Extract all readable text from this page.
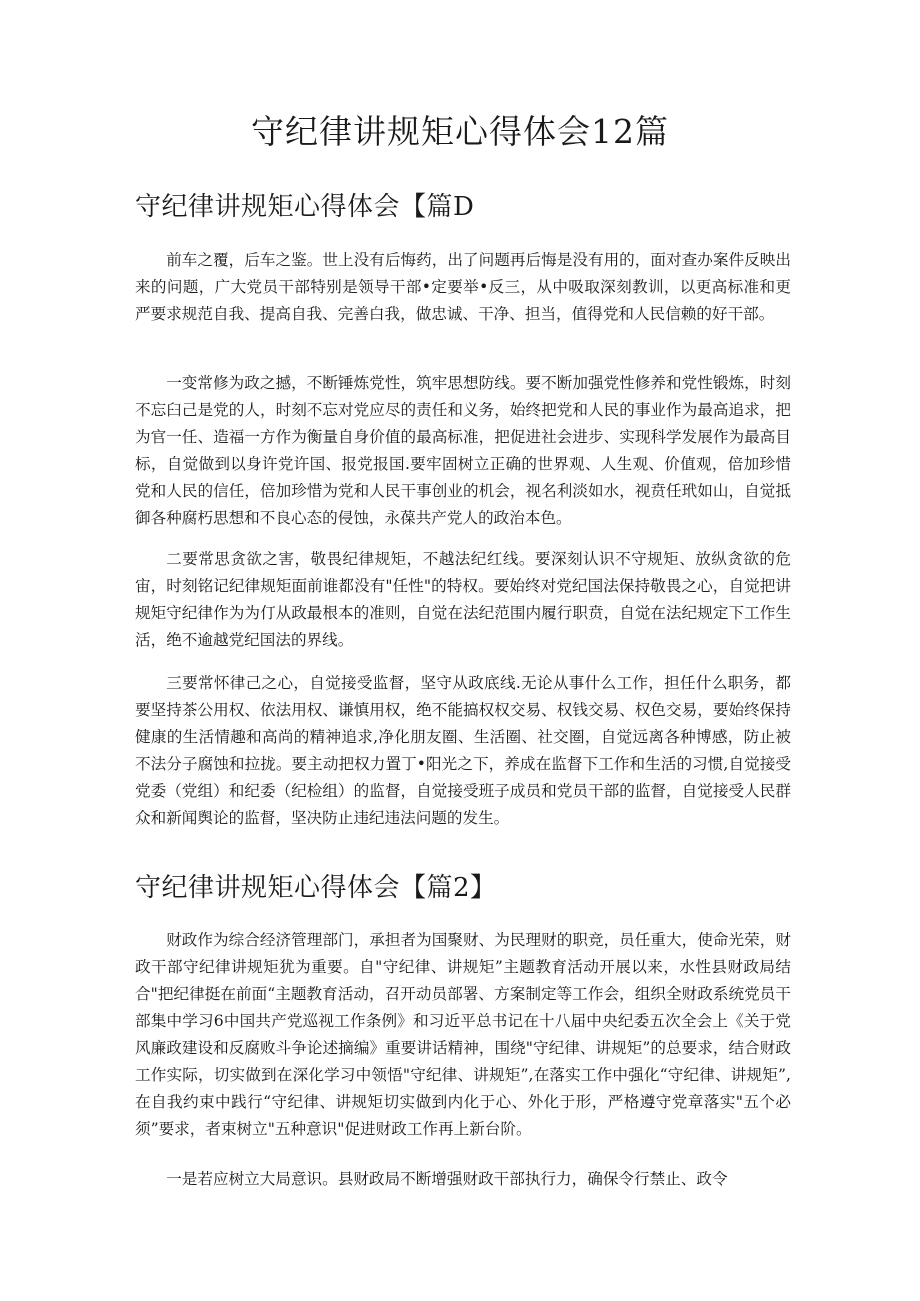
守纪律讲规矩心得体会12篇
守纪律讲规矩心得体会【篇D

前车之覆，后车之鉴。世上没有后悔药，出了问题再后悔是没有用的，面对查办案件反映出来的问题，广大党员干部特别是领导干部•定要举•反三，从中吸取深刻教训，以更高标准和更严要求规范自我、提高自我、完善白我，做忠诚、干净、担当，值得党和人民信赖的好干部。

一变常修为政之撼，不断锤炼党性，筑牢思想防线。要不断加强党性修养和党性锻炼，时刻不忘臼己是党的人，时刻不忘对党应尽的责任和义务，始终把党和人民的事业作为最高追求，把为官一任、造福一方作为衡量自身价值的最高标准，把促进社会进步、实现科学发展作为最高目标，自觉做到以身许党许国、报党报国.要牢固树立正确的世界观、人生观、价值观，倍加珍惜党和人民的信任，倍加珍惜为党和人民干事创业的机会，视名利淡如水，视贲任玳如山，自觉抵御各种腐朽思想和不良心态的侵蚀，永葆共产党人的政治本色。

二要常思贪欲之害，敬畏纪律规矩，不越法纪红线。要深刻认识不守规矩、放纵贪欲的危宙，时刻铭记纪律规矩面前谁都没有"任性"的特权。要始终对党纪国法保持敬畏之心，自觉把讲规矩守纪律作为为仃从政最根本的准则，自觉在法纪范围内履行职贲，自觉在法纪规定下工作生活，绝不逾越党纪国法的界线。

三要常怀律己之心，自觉接受监督，坚守从政底线.无论从事什么工作，担任什么职务，都要坚持茶公用权、依法用权、谦慎用权，绝不能搞权权交易、权钱交易、权色交易，要始终保持健康的生活情趣和高尚的精神追求,净化朋友圈、生活圈、社交圈，自觉远离各种博感，防止被不法分子腐蚀和拉拢。要主动把权力置丁•阳光之下，养成在监督下工作和生活的习惯,自觉接受党委（党组）和纪委（纪检组）的监督，自觉接受班子成员和党员干部的监督，自觉接受人民群众和新闻舆论的监督，坚决防止违纪违法问题的发生。

守纪律讲规矩心得体会【篇2】

财政作为综合经济管理部门，承担者为国聚财、为民理财的职竞，员任重大，使命光荣，财政干部守纪律讲规矩犹为重要。自"守纪律、讲规矩”主题教育活动开展以来，水性县财政局结合"把纪律挺在前面“主题教育活动，召开动员部署、方案制定等工作会，组织全财政系统党员干部集中学习6中国共产党巡视工作条例》和习近平总书记在十八届中央纪委五次全会上《关于党风廉政建设和反腐败斗争论述摘编》重要讲话精神，围绕"守纪律、讲规矩”的总要求，结合财政工作实际，切实做到在深化学习中领悟"守纪律、讲规矩”,在落实工作中强化“守纪律、讲规矩”,在自我约束中践行“守纪律、讲规矩切实做到内化于心、外化于形，严格遵守党章落实"五个必须”要求，者束树立"五种意识"促进财政工作再上新台阶。

一是若应树立大局意识。县财政局不断增强财政干部执行力，确保令行禁止、政令
